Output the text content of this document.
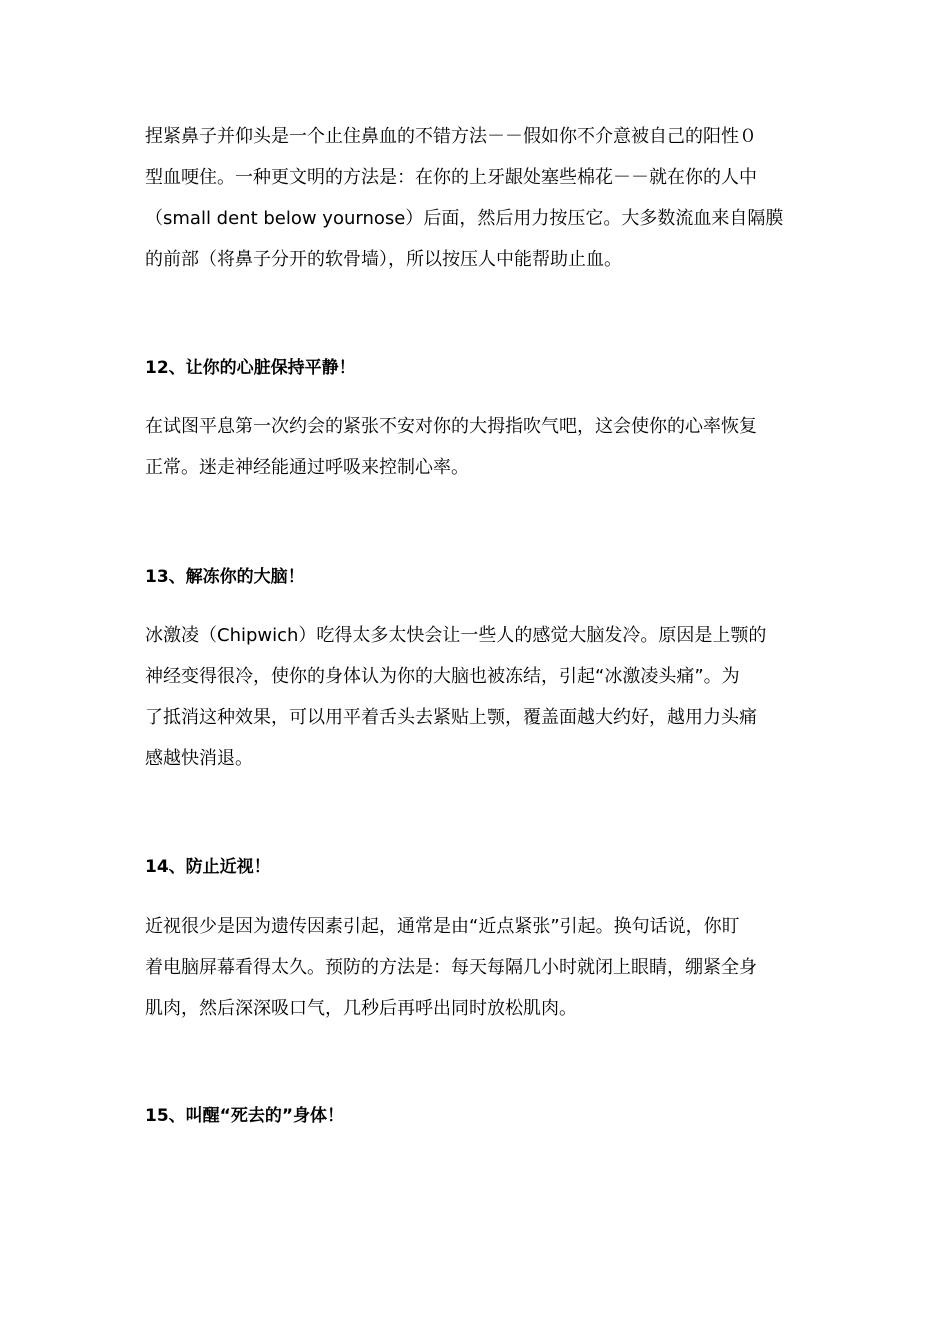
捏紧鼻子并仰头是一个止住鼻血的不错方法－－假如你不介意被自己的阳性０
型血哽住。一种更文明的方法是：在你的上牙龈处塞些棉花－－就在你的人中
（small dent below yournose）后面，然后用力按压它。大多数流血来自隔膜
的前部（将鼻子分开的软骨墙），所以按压人中能帮助止血。

12、让你的心脏保持平静！

在试图平息第一次约会的紧张不安对你的大拇指吹气吧，这会使你的心率恢复
正常。迷走神经能通过呼吸来控制心率。

13、解冻你的大脑！

冰激凌（Chipwich）吃得太多太快会让一些人的感觉大脑发冷。原因是上颚的
神经变得很冷，使你的身体认为你的大脑也被冻结，引起“冰激凌头痛”。为
了抵消这种效果，可以用平着舌头去紧贴上颚，覆盖面越大约好，越用力头痛
感越快消退。

14、防止近视！

近视很少是因为遗传因素引起，通常是由“近点紧张”引起。换句话说，你盯
着电脑屏幕看得太久。预防的方法是：每天每隔几小时就闭上眼睛，绷紧全身
肌肉，然后深深吸口气，几秒后再呼出同时放松肌肉。

15、叫醒“死去的”身体！
